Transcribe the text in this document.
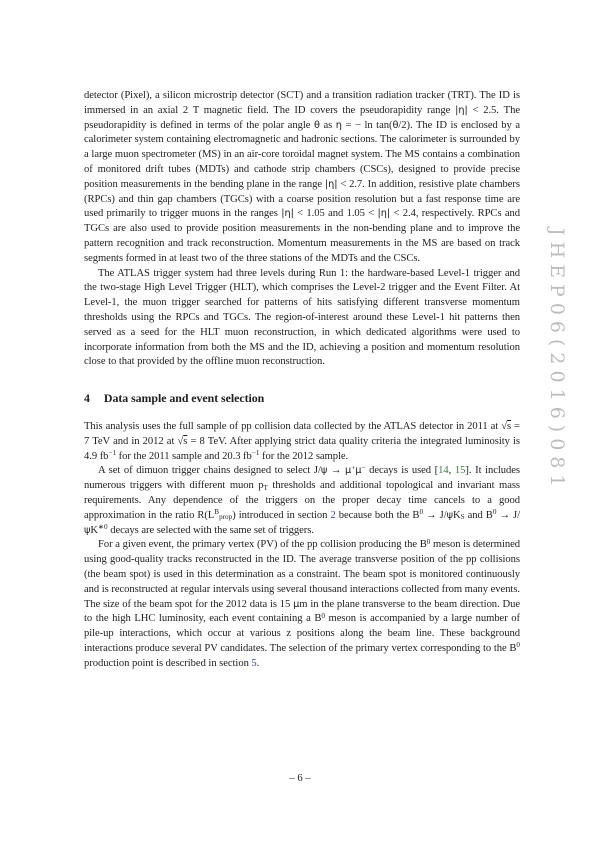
JHEP06(2016)081

detector (Pixel), a silicon microstrip detector (SCT) and a transition radiation tracker (TRT). The ID is immersed in an axial 2 T magnetic field. The ID covers the pseudorapidity range |η| < 2.5. The pseudorapidity is defined in terms of the polar angle θ as η = − ln tan(θ/2). The ID is enclosed by a calorimeter system containing electromagnetic and hadronic sections. The calorimeter is surrounded by a large muon spectrometer (MS) in an air-core toroidal magnet system. The MS contains a combination of monitored drift tubes (MDTs) and cathode strip chambers (CSCs), designed to provide precise position measurements in the bending plane in the range |η| < 2.7. In addition, resistive plate chambers (RPCs) and thin gap chambers (TGCs) with a coarse position resolution but a fast response time are used primarily to trigger muons in the ranges |η| < 1.05 and 1.05 < |η| < 2.4, respectively. RPCs and TGCs are also used to provide position measurements in the non-bending plane and to improve the pattern recognition and track reconstruction. Momentum measurements in the MS are based on track segments formed in at least two of the three stations of the MDTs and the CSCs.

The ATLAS trigger system had three levels during Run 1: the hardware-based Level-1 trigger and the two-stage High Level Trigger (HLT), which comprises the Level-2 trigger and the Event Filter. At Level-1, the muon trigger searched for patterns of hits satisfying different transverse momentum thresholds using the RPCs and TGCs. The region-of-interest around these Level-1 hit patterns then served as a seed for the HLT muon reconstruction, in which dedicated algorithms were used to incorporate information from both the MS and the ID, achieving a position and momentum resolution close to that provided by the offline muon reconstruction.

4 Data sample and event selection

This analysis uses the full sample of pp collision data collected by the ATLAS detector in 2011 at √s = 7 TeV and in 2012 at √s = 8 TeV. After applying strict data quality criteria the integrated luminosity is 4.9 $fb^{-1}$ for the 2011 sample and 20.3 $fb^{-1}$ for the 2012 sample.

A set of dimuon trigger chains designed to select J/ψ → μ+μ− decays is used [14, 15]. It includes numerous triggers with different muon $p_T$ thresholds and additional topological and invariant mass requirements. Any dependence of the triggers on the proper decay time cancels to a good approximation in the ratio $R(L^B_{prop})$ introduced in section 2 because both the $B^0 \to J/\psi K_S$ and $B^0 \to J/\psi K^{∗0}$ decays are selected with the same set of triggers.

For a given event, the primary vertex (PV) of the pp collision producing the $B^0$ meson is determined using good-quality tracks reconstructed in the ID. The average transverse position of the pp collisions (the beam spot) is used in this determination as a constraint. The beam spot is monitored continuously and is reconstructed at regular intervals using several thousand interactions collected from many events. The size of the beam spot for the 2012 data is 15 μm in the plane transverse to the beam direction. Due to the high LHC luminosity, each event containing a $B^0$ meson is accompanied by a large number of pile-up interactions, which occur at various z positions along the beam line. These background interactions produce several PV candidates. The selection of the primary vertex corresponding to the $B^0$ production point is described in section 5.

– 6 –
